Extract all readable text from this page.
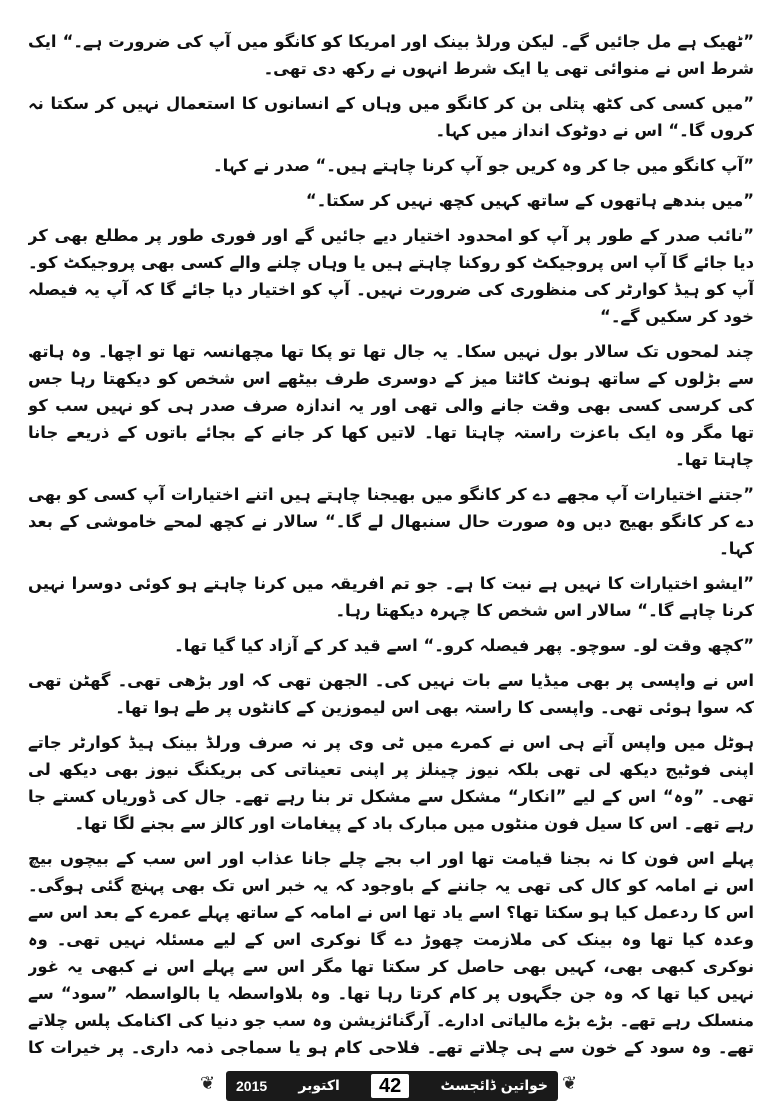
”ٹھیک ہے مل جائیں گے۔ لیکن ورلڈ بینک اور امریکا کو کانگو میں آپ کی ضرورت ہے۔“ ایک شرط اس نے منوائی تھی یا ایک شرط انہوں نے رکھ دی تھی۔

”میں کسی کی کٹھ پتلی بن کر کانگو میں وہاں کے انسانوں کا استعمال نہیں کر سکتا نہ کروں گا۔“ اس نے دوٹوک انداز میں کہا۔

”آپ کانگو میں جا کر وہ کریں جو آپ کرنا چاہتے ہیں۔“ صدر نے کہا۔

”میں بندھے ہاتھوں کے ساتھ کہیں کچھ نہیں کر سکتا۔“

”نائب صدر کے طور پر آپ کو امحدود اختیار دیے جائیں گے اور فوری طور پر مطلع بھی کر دیا جائے گا آپ اس پروجیکٹ کو روکنا چاہتے ہیں یا وہاں چلنے والے کسی بھی پروجیکٹ کو۔ آپ کو ہیڈ کوارٹر کی منظوری کی ضرورت نہیں۔ آپ کو اختیار دیا جائے گا کہ آپ یہ فیصلہ خود کر سکیں گے۔“

چند لمحوں تک سالار بول نہیں سکا۔ یہ جال تھا تو پکا تھا مچھانسہ تھا تو اچھا۔ وہ ہاتھ سے بڑلوں کے ساتھ ہونٹ کاٹتا میز کے دوسری طرف بیٹھے اس شخص کو دیکھتا رہا جس کی کرسی کسی بھی وقت جانے والی تھی اور یہ اندازہ صرف صدر ہی کو نہیں سب کو تھا مگر وہ ایک باعزت راستہ چاہتا تھا۔ لاتیں کھا کر جانے کے بجائے باتوں کے ذریعے جانا چاہتا تھا۔

”جتنے اختیارات آپ مجھے دے کر کانگو میں بھیجنا چاہتے ہیں اتنے اختیارات آپ کسی کو بھی دے کر کانگو بھیج دیں وہ صورت حال سنبھال لے گا۔“ سالار نے کچھ لمحے خاموشی کے بعد کہا۔

”ایشو اختیارات کا نہیں ہے نیت کا ہے۔ جو تم افریقہ میں کرنا چاہتے ہو کوئی دوسرا نہیں کرنا چاہے گا۔“ سالار اس شخص کا چہرہ دیکھتا رہا۔

”کچھ وقت لو۔ سوچو۔ پھر فیصلہ کرو۔“ اسے قید کر کے آزاد کیا گیا تھا۔

اس نے واپسی پر بھی میڈیا سے بات نہیں کی۔ الجھن تھی کہ اور بڑھی تھی۔ گھٹن تھی کہ سوا ہوئی تھی۔ واپسی کا راستہ بھی اس لیموزین کے کانٹوں پر طے ہوا تھا۔

ہوٹل میں واپس آتے ہی اس نے کمرے میں ٹی وی پر نہ صرف ورلڈ بینک ہیڈ کوارٹر جاتے اپنی فوٹیج دیکھ لی تھی بلکہ نیوز چینلز پر اپنی تعیناتی کی بریکنگ نیوز بھی دیکھ لی تھی۔ ”وہ“ اس کے لیے ”انکار“ مشکل سے مشکل تر بنا رہے تھے۔ جال کی ڈوریاں کستے جا رہے تھے۔ اس کا سیل فون منٹوں میں مبارک باد کے پیغامات اور کالز سے بجنے لگا تھا۔

پہلے اس فون کا نہ بجنا قیامت تھا اور اب بجے چلے جانا عذاب اور اس سب کے بیچوں بیچ اس نے امامہ کو کال کی تھی یہ جاننے کے باوجود کہ یہ خبر اس تک بھی پہنچ گئی ہوگی۔ اس کا ردعمل کیا ہو سکتا تھا؟ اسے یاد تھا اس نے امامہ کے ساتھ پہلے عمرے کے بعد اس سے وعدہ کیا تھا وہ بینک کی ملازمت چھوڑ دے گا نوکری اس کے لیے مسئلہ نہیں تھی۔ وہ نوکری کبھی بھی، کہیں بھی حاصل کر سکتا تھا مگر اس سے پہلے اس نے کبھی یہ غور نہیں کیا تھا کہ وہ جن جگہوں پر کام کرتا رہا تھا۔ وہ بلاواسطہ یا بالواسطہ ”سود“ سے منسلک رہے تھے۔ بڑے بڑے مالیاتی ادارے۔ آرگنائزیشن وہ سب جو دنیا کی اکنامک پلس چلاتے تھے۔ وہ سود کے خون سے ہی چلاتے تھے۔ فلاحی کام ہو یا سماجی ذمہ داری۔ پر خیرات کا

❦	خواتین ڈائجسٹ
42
اکتوبر
2015	❦
